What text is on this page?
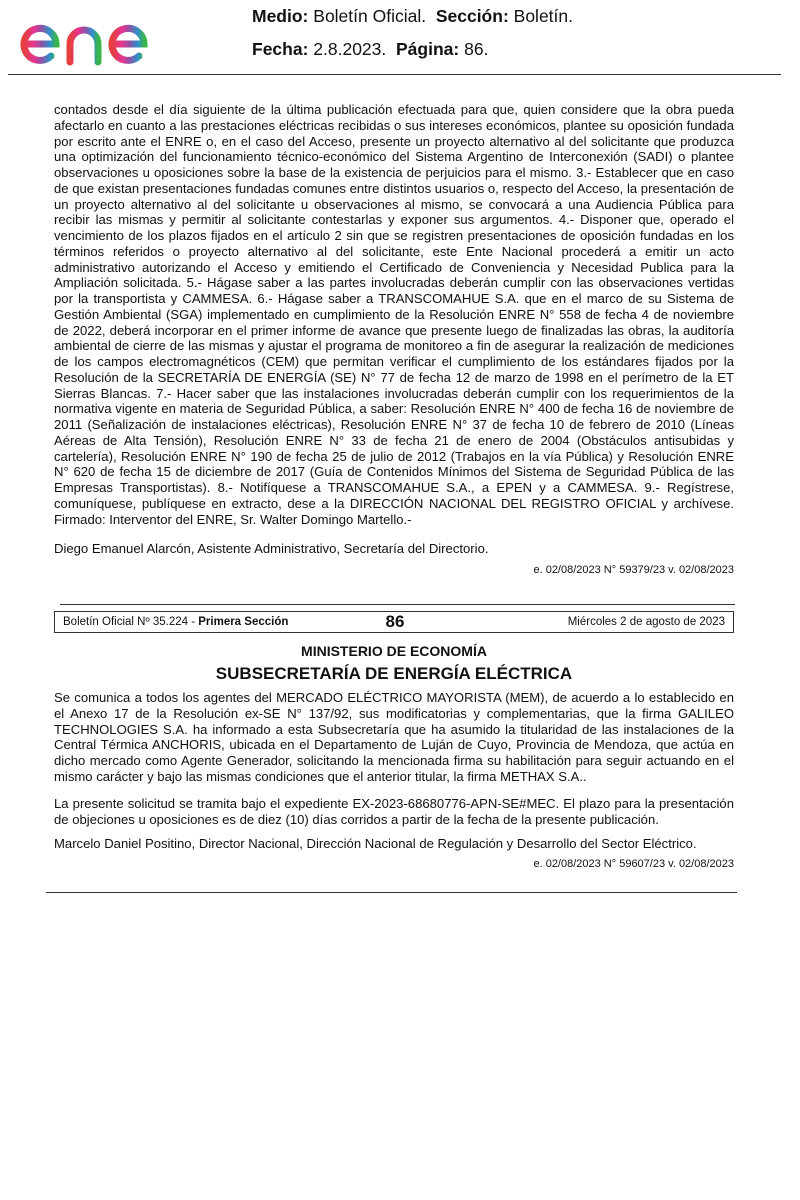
Medio: Boletín Oficial. Sección: Boletín.
Fecha: 2.8.2023. Página: 86.

contados desde el día siguiente de la última publicación efectuada para que, quien considere que la obra pueda afectarlo en cuanto a las prestaciones eléctricas recibidas o sus intereses económicos, plantee su oposición fundada por escrito ante el ENRE o, en el caso del Acceso, presente un proyecto alternativo al del solicitante que produzca una optimización del funcionamiento técnico-económico del Sistema Argentino de Interconexión (SADI) o plantee observaciones u oposiciones sobre la base de la existencia de perjuicios para el mismo. 3.- Establecer que en caso de que existan presentaciones fundadas comunes entre distintos usuarios o, respecto del Acceso, la presentación de un proyecto alternativo al del solicitante u observaciones al mismo, se convocará a una Audiencia Pública para recibir las mismas y permitir al solicitante contestarlas y exponer sus argumentos. 4.- Disponer que, operado el vencimiento de los plazos fijados en el artículo 2 sin que se registren presentaciones de oposición fundadas en los términos referidos o proyecto alternativo al del solicitante, este Ente Nacional procederá a emitir un acto administrativo autorizando el Acceso y emitiendo el Certificado de Conveniencia y Necesidad Publica para la Ampliación solicitada. 5.- Hágase saber a las partes involucradas deberán cumplir con las observaciones vertidas por la transportista y CAMMESA. 6.- Hágase saber a TRANSCOMAHUE S.A. que en el marco de su Sistema de Gestión Ambiental (SGA) implementado en cumplimiento de la Resolución ENRE N° 558 de fecha 4 de noviembre de 2022, deberá incorporar en el primer informe de avance que presente luego de finalizadas las obras, la auditoría ambiental de cierre de las mismas y ajustar el programa de monitoreo a fin de asegurar la realización de mediciones de los campos electromagnéticos (CEM) que permitan verificar el cumplimiento de los estándares fijados por la Resolución de la SECRETARÍA DE ENERGÍA (SE) N° 77 de fecha 12 de marzo de 1998 en el perímetro de la ET Sierras Blancas. 7.- Hacer saber que las instalaciones involucradas deberán cumplir con los requerimientos de la normativa vigente en materia de Seguridad Pública, a saber: Resolución ENRE N° 400 de fecha 16 de noviembre de 2011 (Señalización de instalaciones eléctricas), Resolución ENRE N° 37 de fecha 10 de febrero de 2010 (Líneas Aéreas de Alta Tensión), Resolución ENRE N° 33 de fecha 21 de enero de 2004 (Obstáculos antisubidas y cartelería), Resolución ENRE N° 190 de fecha 25 de julio de 2012 (Trabajos en la vía Pública) y Resolución ENRE N° 620 de fecha 15 de diciembre de 2017 (Guía de Contenidos Mínimos del Sistema de Seguridad Pública de las Empresas Transportistas). 8.- Notifíquese a TRANSCOMAHUE S.A., a EPEN y a CAMMESA. 9.- Regístrese, comuníquese, publíquese en extracto, dese a la DIRECCIÓN NACIONAL DEL REGISTRO OFICIAL y archívese. Firmado: Interventor del ENRE, Sr. Walter Domingo Martello.-

Diego Emanuel Alarcón, Asistente Administrativo, Secretaría del Directorio.

e. 02/08/2023 N° 59379/23 v. 02/08/2023
Boletín Oficial Nº 35.224 - Primera Sección	86	Miércoles 2 de agosto de 2023
MINISTERIO DE ECONOMÍA
SUBSECRETARÍA DE ENERGÍA ELÉCTRICA

Se comunica a todos los agentes del MERCADO ELÉCTRICO MAYORISTA (MEM), de acuerdo a lo establecido en el Anexo 17 de la Resolución ex-SE N° 137/92, sus modificatorias y complementarias, que la firma GALILEO TECHNOLOGIES S.A. ha informado a esta Subsecretaría que ha asumido la titularidad de las instalaciones de la Central Térmica ANCHORIS, ubicada en el Departamento de Luján de Cuyo, Provincia de Mendoza, que actúa en dicho mercado como Agente Generador, solicitando la mencionada firma su habilitación para seguir actuando en el mismo carácter y bajo las mismas condiciones que el anterior titular, la firma METHAX S.A..

La presente solicitud se tramita bajo el expediente EX-2023-68680776-APN-SE#MEC. El plazo para la presentación de objeciones u oposiciones es de diez (10) días corridos a partir de la fecha de la presente publicación.

Marcelo Daniel Positino, Director Nacional, Dirección Nacional de Regulación y Desarrollo del Sector Eléctrico.

e. 02/08/2023 N° 59607/23 v. 02/08/2023
